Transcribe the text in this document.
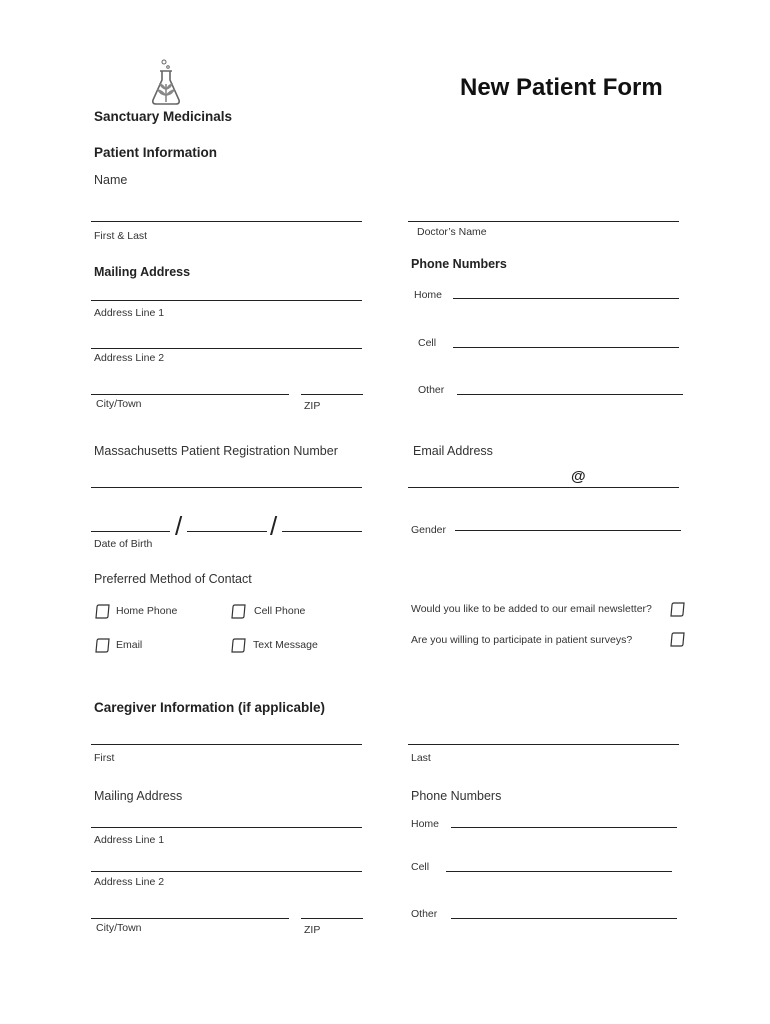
New Patient Form
Sanctuary Medicinals
Patient Information
Name
First & Last	Doctor’s Name
Mailing Address
Phone Numbers
Address Line 1
Home
Address Line 2
Cell
City/Town	ZIP
Other
Massachusetts Patient Registration Number	Email Address
@
/	/
Date of Birth
Gender
Preferred Method of Contact
Home Phone	Cell Phone
Email	Text Message
Would you like to be added to our email newsletter?
Are you willing to participate in patient surveys?
Caregiver Information (if applicable)
First	Last
Mailing Address	Phone Numbers
Address Line 1
Home
Address Line 2
Cell
City/Town	ZIP
Other
